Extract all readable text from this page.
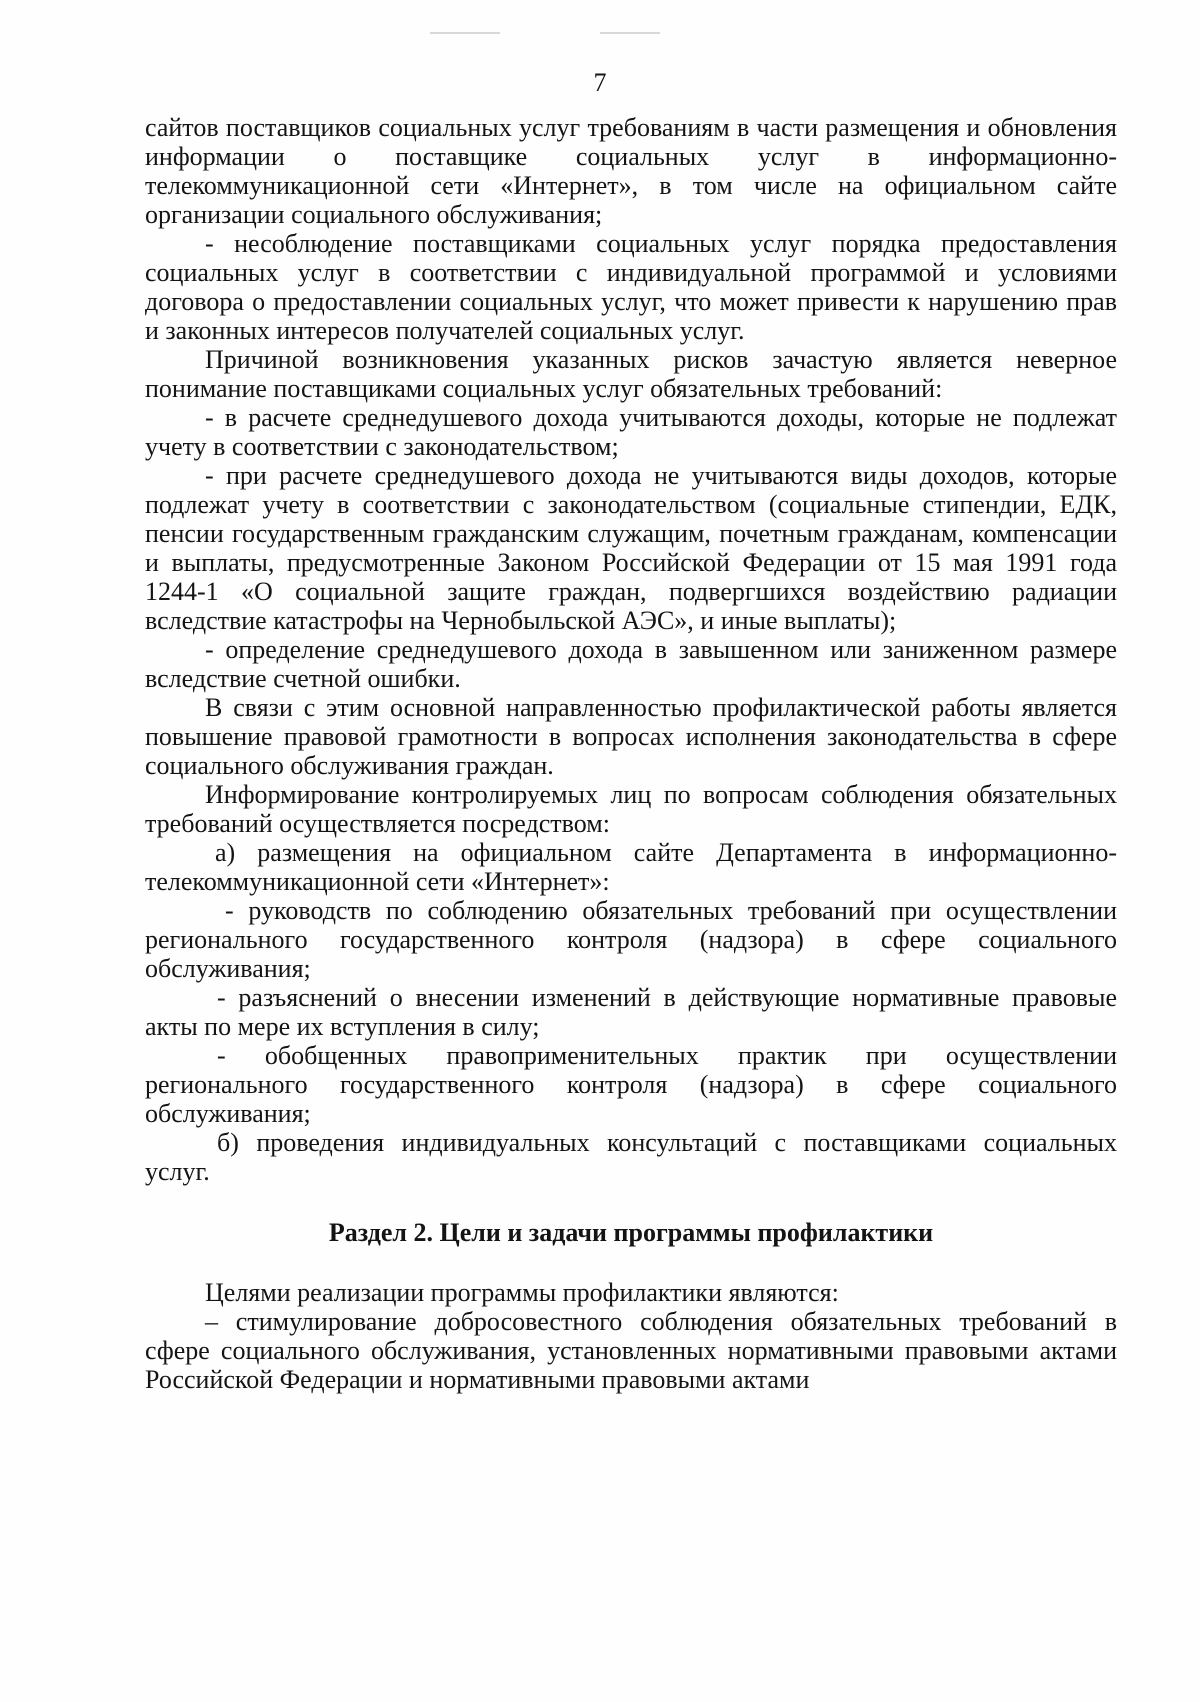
7

сайтов поставщиков социальных услуг требованиям в части размещения и обновления информации о поставщике социальных услуг в информационно-телекоммуникационной сети «Интернет», в том числе на официальном сайте организации социального обслуживания;

- несоблюдение поставщиками социальных услуг порядка предоставления социальных услуг в соответствии с индивидуальной программой и условиями договора о предоставлении социальных услуг, что может привести к нарушению прав и законных интересов получателей социальных услуг.

Причиной возникновения указанных рисков зачастую является неверное понимание поставщиками социальных услуг обязательных требований:

- в расчете среднедушевого дохода учитываются доходы, которые не подлежат учету в соответствии с законодательством;

- при расчете среднедушевого дохода не учитываются виды доходов, которые подлежат учету в соответствии с законодательством (социальные стипендии, ЕДК, пенсии государственным гражданским служащим, почетным гражданам, компенсации и выплаты, предусмотренные Законом Российской Федерации от 15 мая 1991 года 1244-1 «О социальной защите граждан, подвергшихся воздействию радиации вследствие катастрофы на Чернобыльской АЭС», и иные выплаты);

- определение среднедушевого дохода в завышенном или заниженном размере вследствие счетной ошибки.

В связи с этим основной направленностью профилактической работы является повышение правовой грамотности в вопросах исполнения законодательства в сфере социального обслуживания граждан.

Информирование контролируемых лиц по вопросам соблюдения обязательных требований осуществляется посредством:

а) размещения на официальном сайте Департамента в информационно-телекоммуникационной сети «Интернет»:

- руководств по соблюдению обязательных требований при осуществлении регионального государственного контроля (надзора) в сфере социального обслуживания;

- разъяснений о внесении изменений в действующие нормативные правовые акты по мере их вступления в силу;

- обобщенных правоприменительных практик при осуществлении регионального государственного контроля (надзора) в сфере социального обслуживания;

б) проведения индивидуальных консультаций с поставщиками социальных услуг.

Раздел 2. Цели и задачи программы профилактики

Целями реализации программы профилактики являются:

– стимулирование добросовестного соблюдения обязательных требований в сфере социального обслуживания, установленных нормативными правовыми актами Российской Федерации и нормативными правовыми актами
